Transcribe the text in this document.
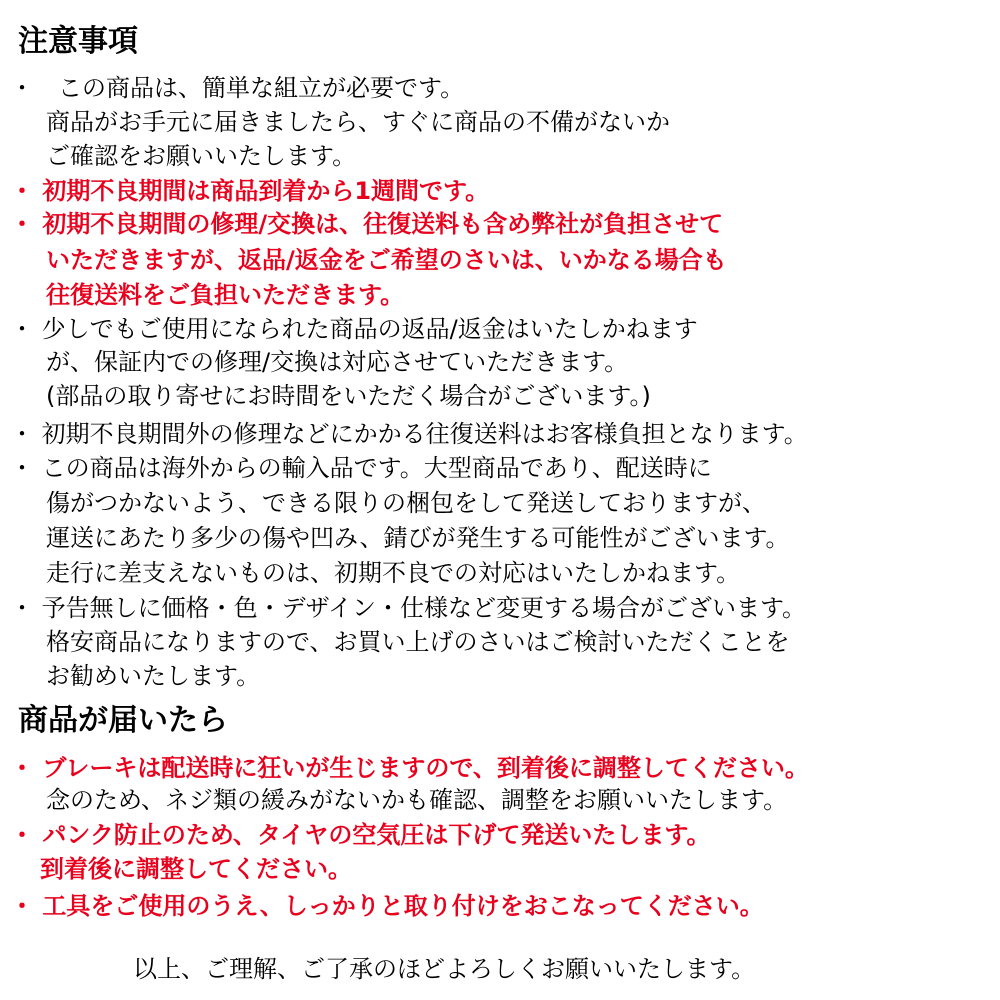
注意事項
・　この商品は、簡単な組立が必要です。
商品がお手元に届きましたら、すぐに商品の不備がないか
ご確認をお願いいたします。
・ 初期不良期間は商品到着から1週間です。
・ 初期不良期間の修理/交換は、往復送料も含め弊社が負担させて
いただきますが、返品/返金をご希望のさいは、いかなる場合も
往復送料をご負担いただきます。
・ 少しでもご使用になられた商品の返品/返金はいたしかねます
が、保証内での修理/交換は対応させていただきます。
(部品の取り寄せにお時間をいただく場合がございます。)
・ 初期不良期間外の修理などにかかる往復送料はお客様負担となります。
・ この商品は海外からの輸入品です。大型商品であり、配送時に
傷がつかないよう、できる限りの梱包をして発送しておりますが、
運送にあたり多少の傷や凹み、錆びが発生する可能性がございます。
走行に差支えないものは、初期不良での対応はいたしかねます。
・ 予告無しに価格・色・デザイン・仕様など変更する場合がございます。
格安商品になりますので、お買い上げのさいはご検討いただくことを
お勧めいたします。
商品が届いたら
・ ブレーキは配送時に狂いが生じますので、到着後に調整してください。
念のため、ネジ類の緩みがないかも確認、調整をお願いいたします。
・ パンク防止のため、タイヤの空気圧は下げて発送いたします。
到着後に調整してください。
・ 工具をご使用のうえ、しっかりと取り付けをおこなってください。
以上、ご理解、ご了承のほどよろしくお願いいたします。
